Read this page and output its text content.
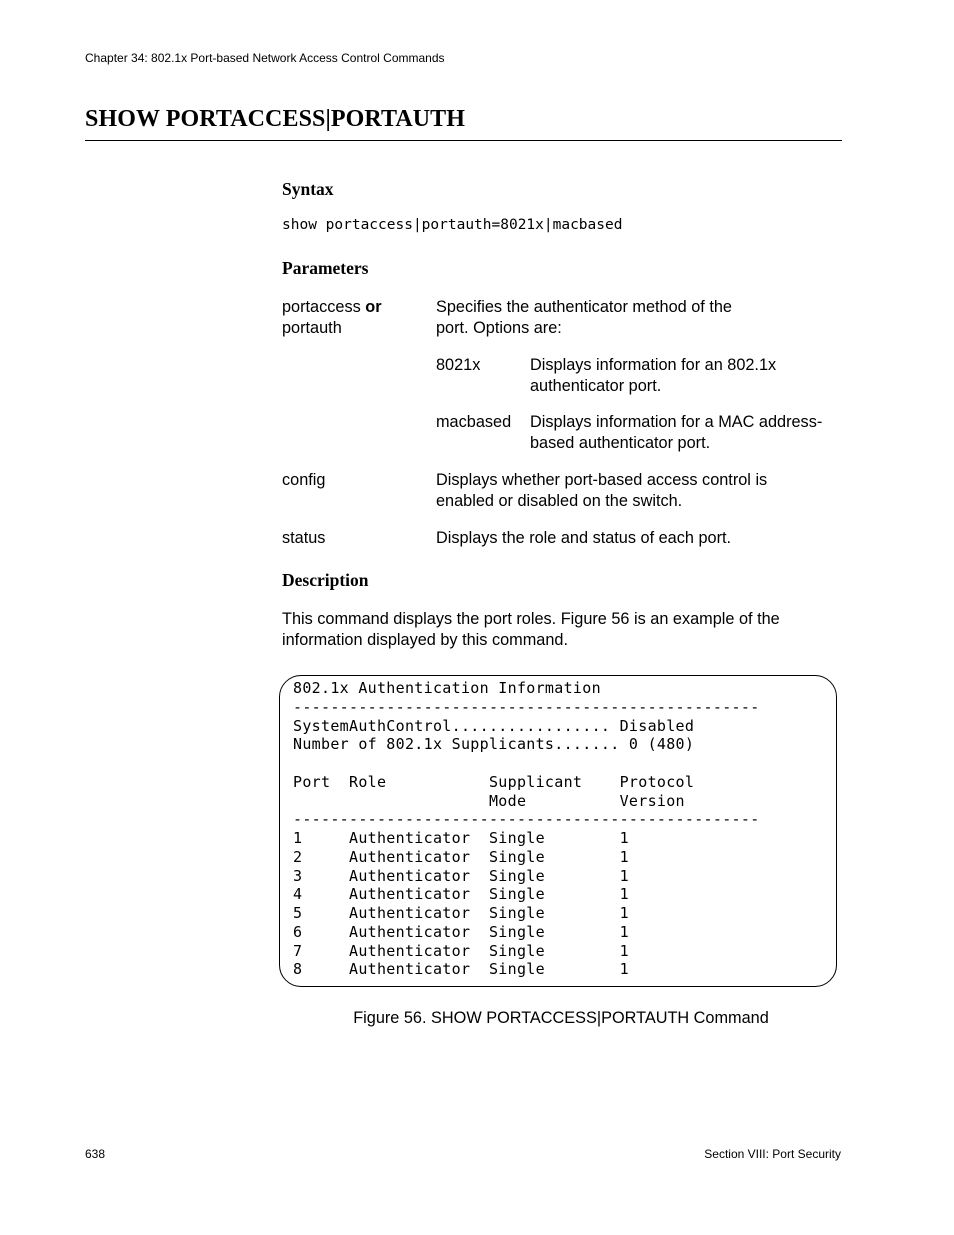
Chapter 34: 802.1x Port-based Network Access Control Commands
SHOW PORTACCESS|PORTAUTH
Syntax
show portaccess|portauth=8021x|macbased
Parameters
portaccess or
portauth
Specifies the authenticator method of the
port. Options are:
8021x	Displays information for an 802.1x
authenticator port.
macbased Displays information for a MAC address-
based authenticator port.
config	Displays whether port-based access control is
enabled or disabled on the switch.
status	Displays the role and status of each port.
Description
This command displays the port roles. Figure 56 is an example of the
information displayed by this command.
802.1x Authentication Information
--------------------------------------------------
SystemAuthControl................. Disabled
Number of 802.1x Supplicants....... 0 (480)

Port  Role           Supplicant    Protocol
Mode          Version
--------------------------------------------------
1     Authenticator  Single        1
2     Authenticator  Single        1
3     Authenticator  Single        1
4     Authenticator  Single        1
5     Authenticator  Single        1
6     Authenticator  Single        1
7     Authenticator  Single        1
8     Authenticator  Single        1
Figure 56. SHOW PORTACCESS|PORTAUTH Command
638	Section VIII: Port Security
